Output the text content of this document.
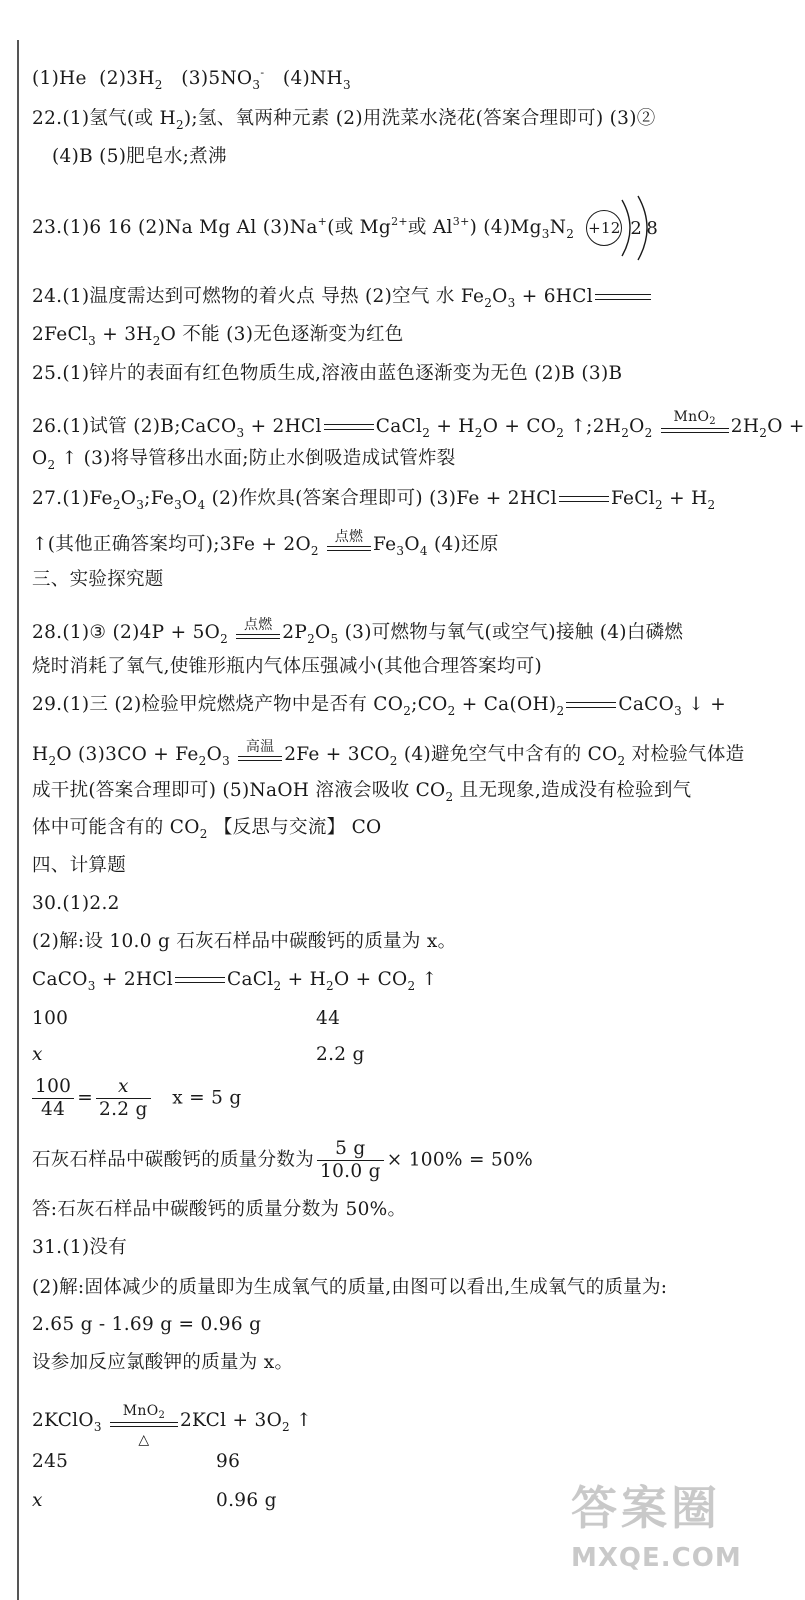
(1)He $(2)3H_2$ $(3)5NO_3^-$ $(4)NH_3$
22.(1)氢气(或 $H_2$);氢、氧两种元素 (2)用洗菜水浇花(答案合理即可) (3)②
(4)B (5)肥皂水;煮沸
23.(1)6 16 (2)Na Mg Al (3)Na+(或 $Mg^{2+}$或 $Al^{3+}$) $(4)Mg_3N_2 +12$ 2 8
24.(1)温度需达到可燃物的着火点 导热 (2)空气 水 $Fe_2O_3 + 6HCl$
2FeCl$_3$ + $3H_2O$ 不能 (3)无色逐渐变为红色
25.(1)锌片的表面有红色物质生成,溶液由蓝色逐渐变为无色 (2)B (3)B
26.(1)试管 (2)B;CaCO$_3$ + 2HCl	CaCl$_2$ + $H_2O + CO_2$ $↑;2H_2O_2$
MnO$_2$ $2H_2O$ +
$O_2$ ↑ (3)将导管移出水面;防止水倒吸造成试管炸裂
$27.(1)Fe_2O_3;Fe_3O_4$ (2)作炊具(答案合理即可) (3)Fe + 2HCl	FeCl$_2$ + $H_2$
↑(其他正确答案均可);3Fe + $2O_2$
点燃 $Fe_3O_4$ (4)还原
三、实验探究题
28.(1)③ $(2)4P + 5O_2$
点燃 $2P_2O_5$ (3)可燃物与氧气(或空气)接触 (4)白磷燃
烧时消耗了氧气,使锥形瓶内气体压强减小(其他合理答案均可)
29.(1)三 (2)检验甲烷燃烧产物中是否有 $CO_2;CO_2 + Ca(OH)_2$	CaCO$_3$ ↓ +
$H_2O$ $(3)3CO + Fe_2O_3$
高温 $2Fe + 3CO_2$ (4)避免空气中含有的 $CO_2$ 对检验气体造
成干扰(答案合理即可) (5)NaOH 溶液会吸收 $CO_2$ 且无现象,造成没有检验到气
体中可能含有的 $CO_2$ 【反思与交流】 CO
四、计算题
30.(1)2.2
(2)解:设 10.0 g 石灰石样品中碳酸钙的质量为 x。
CaCO$_3$ + 2HCl	CaCl$_2$ + $H_2O + CO_2$ ↑
100	44
x	2.2 g
$\frac{100}{44} = \frac{x}{2.2 g}$ x = 5 g
石灰石样品中碳酸钙的质量分数为 $\frac{5 g}{10.0 g} \times 100\% = 50\%$
答:石灰石样品中碳酸钙的质量分数为 50%。
31.(1)没有
(2)解:固体减少的质量即为生成氧气的质量,由图可以看出,生成氧气的质量为:
2.65 g - 1.69 g = 0.96 g
设参加反应氯酸钾的质量为 x。
2KClO$_3$
MnO$_2$
△
$2KCl + 3O_2$ ↑
245	96
x	0.96 g	答案圈
MXQE.COM
